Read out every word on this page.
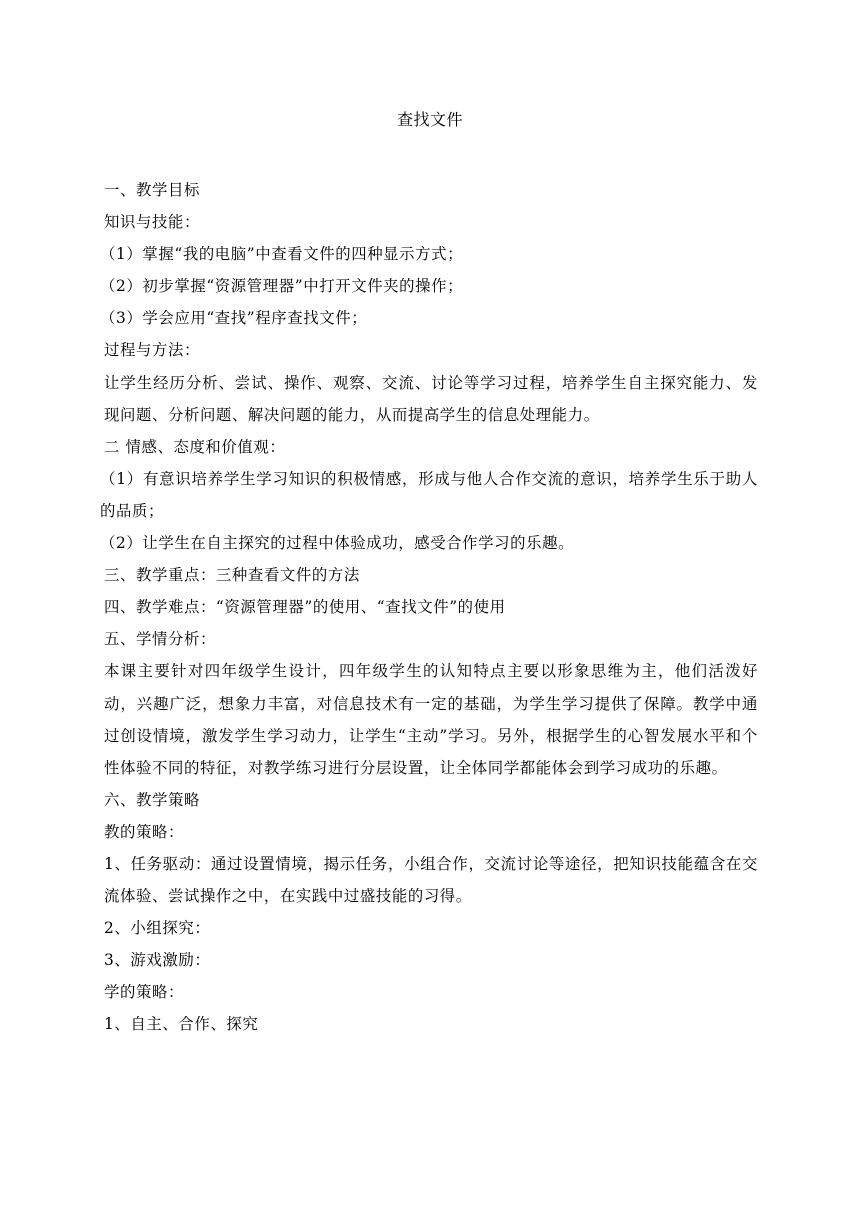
查找文件

一、教学目标

知识与技能：

（1）掌握“我的电脑”中查看文件的四种显示方式；

（2）初步掌握“资源管理器”中打开文件夹的操作；

（3）学会应用“查找”程序查找文件；

过程与方法：

让学生经历分析、尝试、操作、观察、交流、讨论等学习过程，培养学生自主探究能力、发现问题、分析问题、解决问题的能力，从而提高学生的信息处理能力。

二 情感、态度和价值观：

（1）有意识培养学生学习知识的积极情感，形成与他人合作交流的意识，培养学生乐于助人的品质；

（2）让学生在自主探究的过程中体验成功，感受合作学习的乐趣。

三、教学重点：三种查看文件的方法

四、教学难点：“资源管理器”的使用、“查找文件”的使用

五、学情分析：

本课主要针对四年级学生设计，四年级学生的认知特点主要以形象思维为主，他们活泼好动，兴趣广泛，想象力丰富，对信息技术有一定的基础，为学生学习提供了保障。教学中通过创设情境，激发学生学习动力，让学生“主动”学习。另外，根据学生的心智发展水平和个性体验不同的特征，对教学练习进行分层设置，让全体同学都能体会到学习成功的乐趣。

六、教学策略

教的策略：

1、任务驱动：通过设置情境，揭示任务，小组合作，交流讨论等途径，把知识技能蕴含在交流体验、尝试操作之中，在实践中过盛技能的习得。

2、小组探究：

3、游戏激励：

学的策略：

1、自主、合作、探究
